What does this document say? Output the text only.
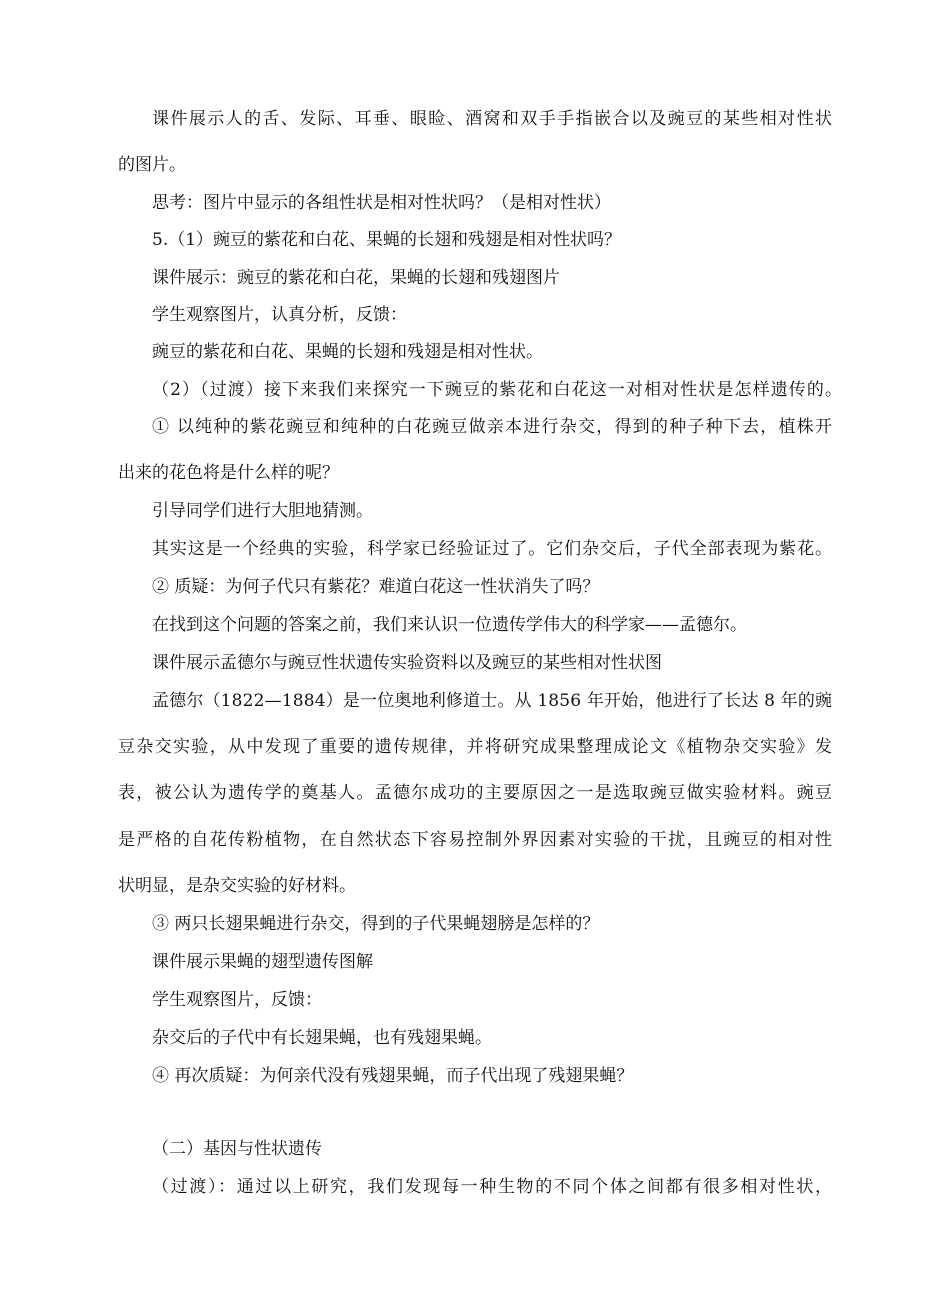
课件展示人的舌、发际、耳垂、眼睑、酒窝和双手手指嵌合以及豌豆的某些相对性状

的图片。

思考：图片中显示的各组性状是相对性状吗？（是相对性状）

5.（1）豌豆的紫花和白花、果蝇的长翅和残翅是相对性状吗？

课件展示：豌豆的紫花和白花，果蝇的长翅和残翅图片

学生观察图片，认真分析，反馈：

豌豆的紫花和白花、果蝇的长翅和残翅是相对性状。

（2）（过渡）接下来我们来探究一下豌豆的紫花和白花这一对相对性状是怎样遗传的。

① 以纯种的紫花豌豆和纯种的白花豌豆做亲本进行杂交，得到的种子种下去，植株开

出来的花色将是什么样的呢？

引导同学们进行大胆地猜测。

其实这是一个经典的实验，科学家已经验证过了。它们杂交后，子代全部表现为紫花。

② 质疑：为何子代只有紫花？难道白花这一性状消失了吗？

在找到这个问题的答案之前，我们来认识一位遗传学伟大的科学家——孟德尔。

课件展示孟德尔与豌豆性状遗传实验资料以及豌豆的某些相对性状图

孟德尔（1822—1884）是一位奥地利修道士。从 1856 年开始，他进行了长达 8 年的豌

豆杂交实验，从中发现了重要的遗传规律，并将研究成果整理成论文《植物杂交实验》发

表，被公认为遗传学的奠基人。孟德尔成功的主要原因之一是选取豌豆做实验材料。豌豆

是严格的自花传粉植物，在自然状态下容易控制外界因素对实验的干扰，且豌豆的相对性

状明显，是杂交实验的好材料。

③ 两只长翅果蝇进行杂交，得到的子代果蝇翅膀是怎样的？

课件展示果蝇的翅型遗传图解

学生观察图片，反馈：

杂交后的子代中有长翅果蝇，也有残翅果蝇。

④ 再次质疑：为何亲代没有残翅果蝇，而子代出现了残翅果蝇？

（二）基因与性状遗传

（过渡）：通过以上研究，我们发现每一种生物的不同个体之间都有很多相对性状，
